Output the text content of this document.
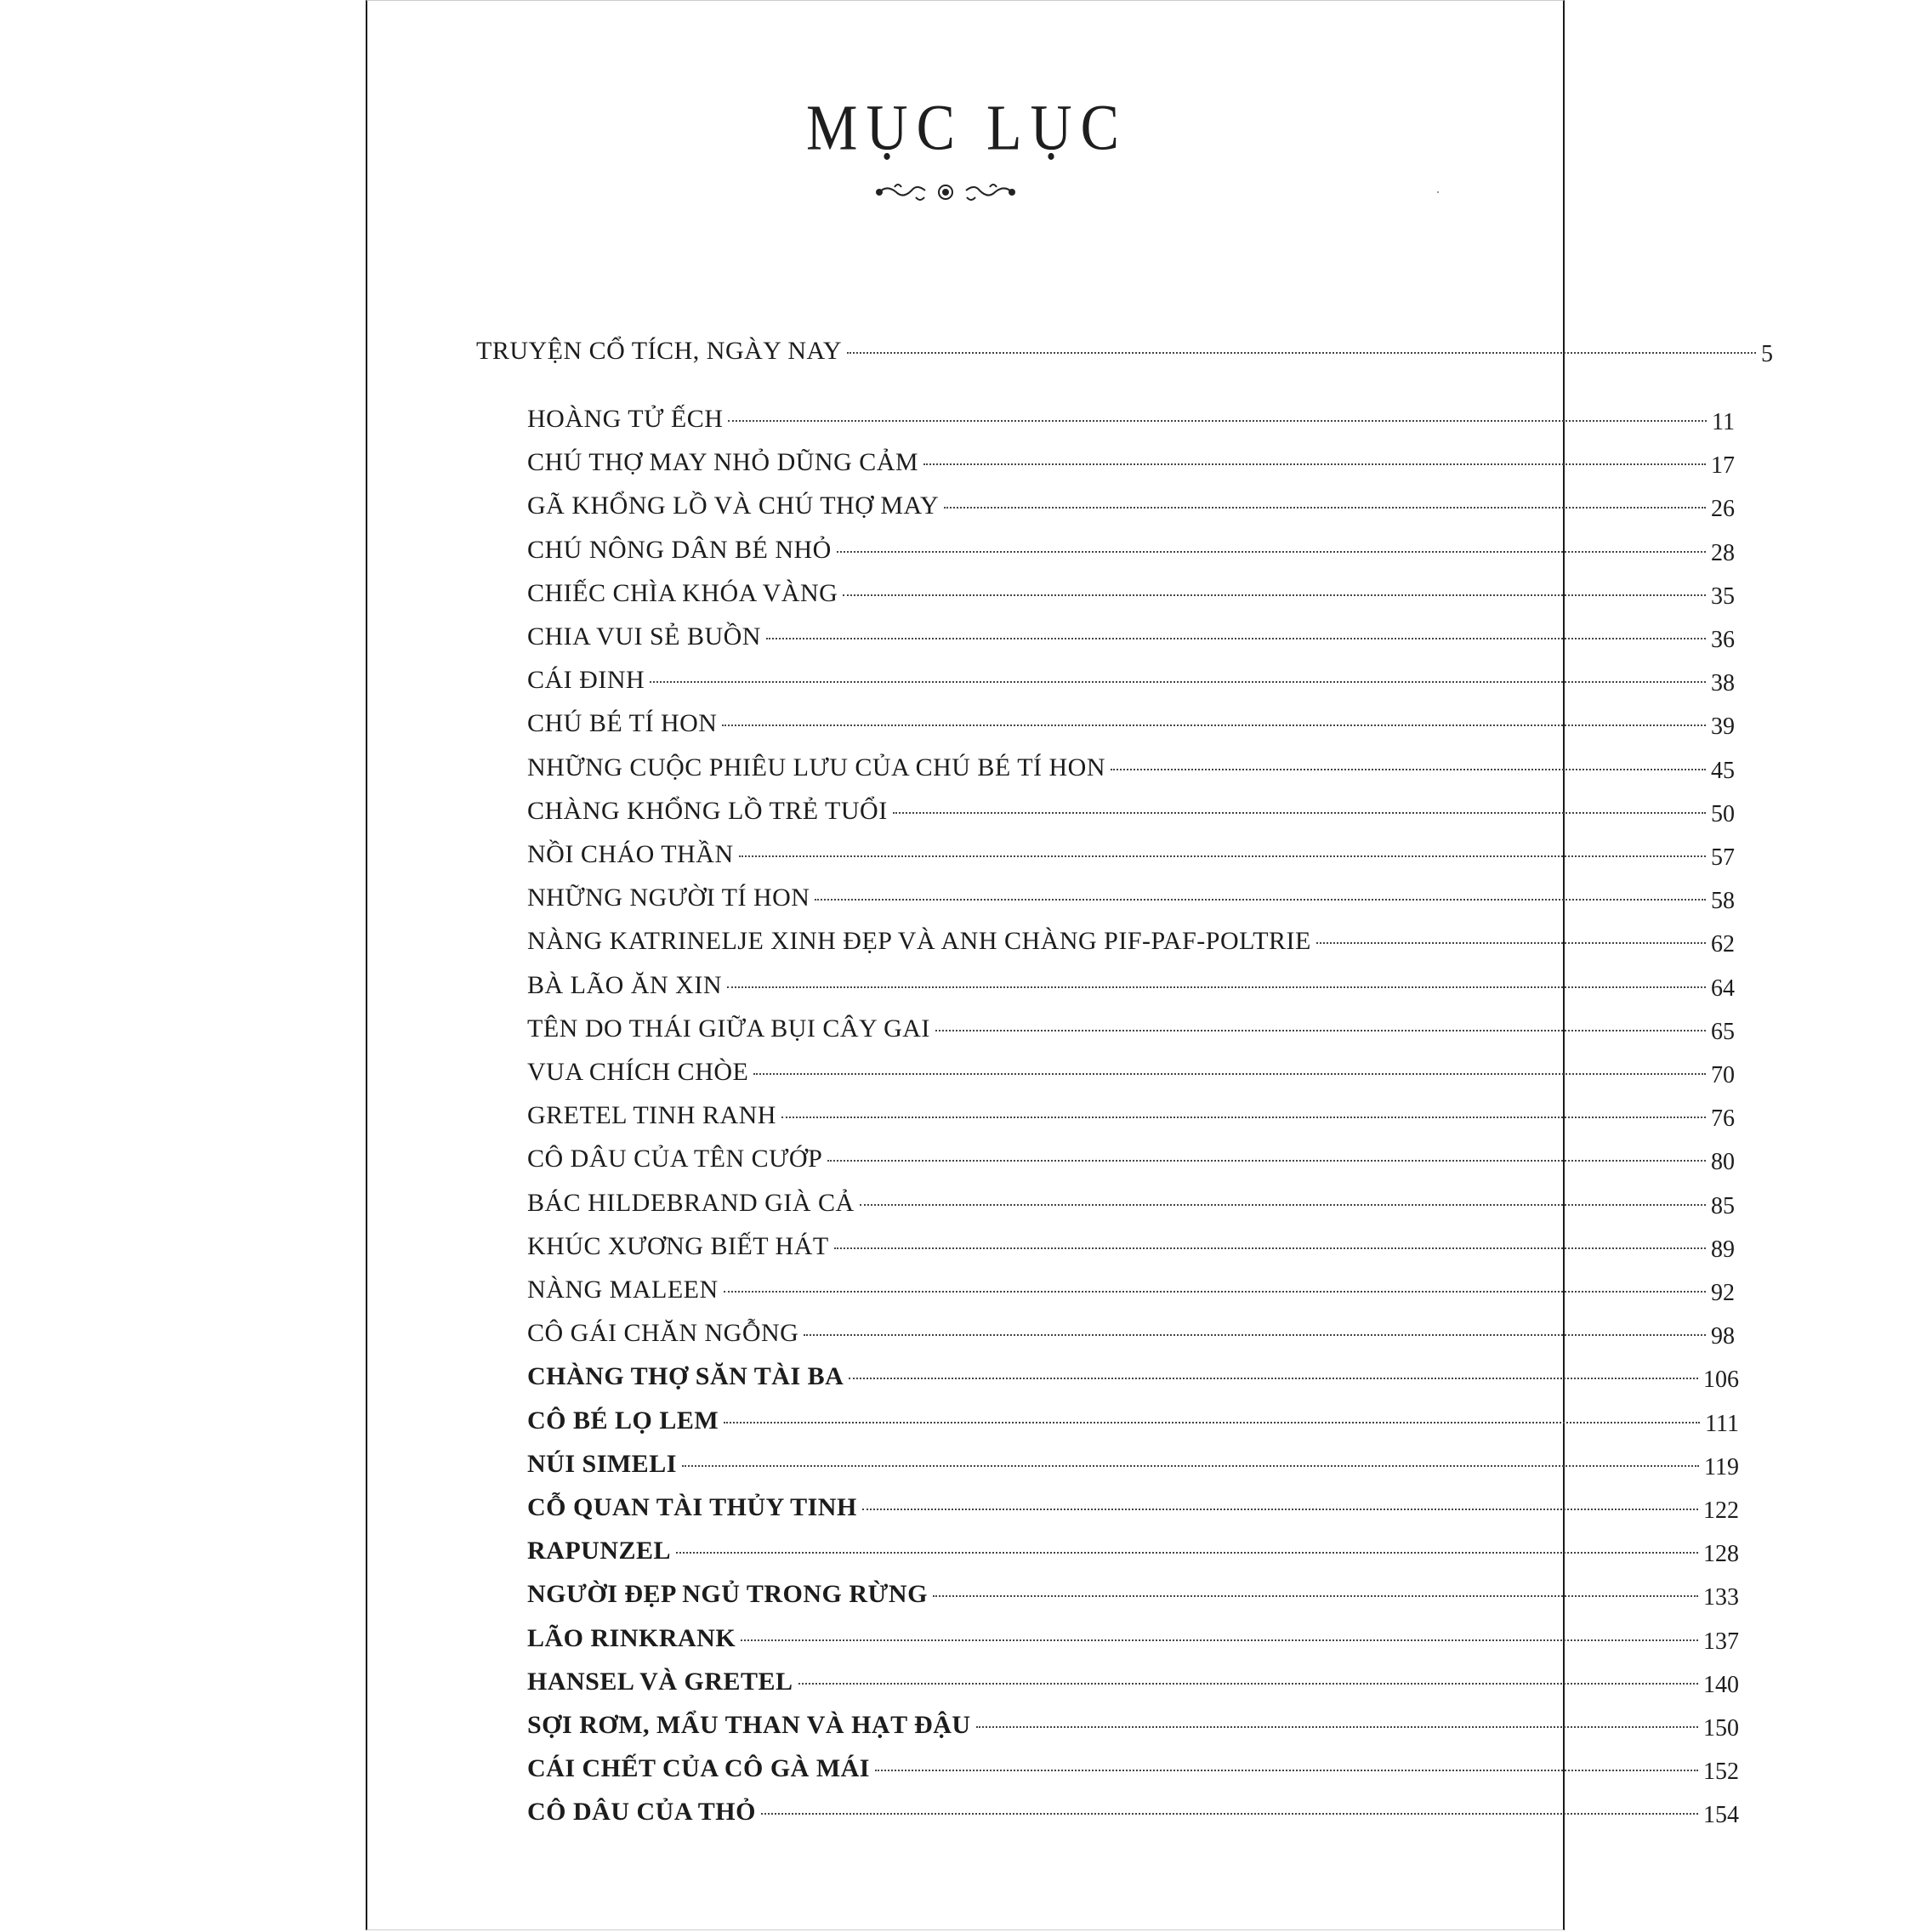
MỤC LỤC
TRUYỆN CỔ TÍCH, NGÀY NAY	5
HOÀNG TỬ ẾCH	11
CHÚ THỢ MAY NHỎ DŨNG CẢM	17
GÃ KHỔNG LỒ VÀ CHÚ THỢ MAY	26
CHÚ NÔNG DÂN BÉ NHỎ	28
CHIẾC CHÌA KHÓA VÀNG	35
CHIA VUI SẺ BUỒN	36
CÁI ĐINH	38
CHÚ BÉ TÍ HON	39
NHỮNG CUỘC PHIÊU LƯU CỦA CHÚ BÉ TÍ HON	45
CHÀNG KHỔNG LỒ TRẺ TUỔI	50
NỒI CHÁO THẦN	57
NHỮNG NGƯỜI TÍ HON	58
NÀNG KATRINELJE XINH ĐẸP VÀ ANH CHÀNG PIF-PAF-POLTRIE	62
BÀ LÃO ĂN XIN	64
TÊN DO THÁI GIỮA BỤI CÂY GAI	65
VUA CHÍCH CHÒE	70
GRETEL TINH RANH	76
CÔ DÂU CỦA TÊN CƯỚP	80
BÁC HILDEBRAND GIÀ CẢ	85
KHÚC XƯƠNG BIẾT HÁT	89
NÀNG MALEEN	92
CÔ GÁI CHĂN NGỖNG	98
CHÀNG THỢ SĂN TÀI BA	106
CÔ BÉ LỌ LEM	111
NÚI SIMELI	119
CỖ QUAN TÀI THỦY TINH	122
RAPUNZEL	128
NGƯỜI ĐẸP NGỦ TRONG RỪNG	133
LÃO RINKRANK	137
HANSEL VÀ GRETEL	140
SỢI RƠM, MẨU THAN VÀ HẠT ĐẬU	150
CÁI CHẾT CỦA CÔ GÀ MÁI	152
CÔ DÂU CỦA THỎ	154
